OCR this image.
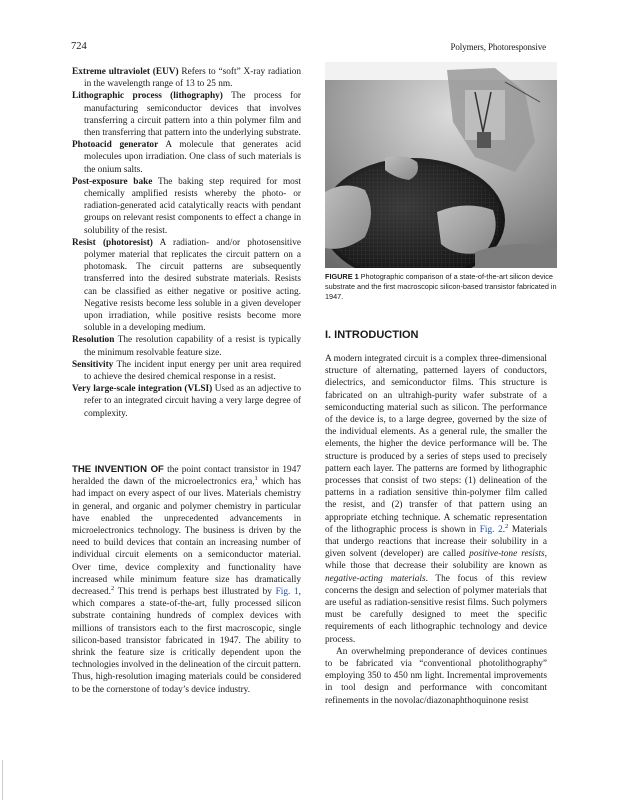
724	Polymers, Photoresponsive

Extreme ultraviolet (EUV) Refers to “soft” X-ray radiation in the wavelength range of 13 to 25 nm.

Lithographic process (lithography) The process for manufacturing semiconductor devices that involves transferring a circuit pattern into a thin polymer film and then transferring that pattern into the underlying substrate.

Photoacid generator A molecule that generates acid molecules upon irradiation. One class of such materials is the onium salts.

Post-exposure bake The baking step required for most chemically amplified resists whereby the photo- or radiation-generated acid catalytically reacts with pendant groups on relevant resist components to effect a change in solubility of the resist.

Resist (photoresist) A radiation- and/or photosensitive polymer material that replicates the circuit pattern on a photomask. The circuit patterns are subsequently transferred into the desired substrate materials. Resists can be classified as either negative or positive acting. Negative resists become less soluble in a given developer upon irradiation, while positive resists become more soluble in a developing medium.

Resolution The resolution capability of a resist is typically the minimum resolvable feature size.

Sensitivity The incident input energy per unit area required to achieve the desired chemical response in a resist.

Very large-scale integration (VLSI) Used as an adjective to refer to an integrated circuit having a very large degree of complexity.

THE INVENTION OF the point contact transistor in 1947 heralded the dawn of the microelectronics era,$^1$ which has had impact on every aspect of our lives. Materials chemistry in general, and organic and polymer chemistry in particular have enabled the unprecedented advancements in microelectronics technology. The business is driven by the need to build devices that contain an increasing number of individual circuit elements on a semiconductor material. Over time, device complexity and functionality have increased while minimum feature size has dramatically decreased.$^2$ This trend is perhaps best illustrated by Fig. 1, which compares a state-of-the-art, fully processed silicon substrate containing hundreds of complex devices with millions of transistors each to the first macroscopic, single silicon-based transistor fabricated in 1947. The ability to shrink the feature size is critically dependent upon the technologies involved in the delineation of the circuit pattern. Thus, high-resolution imaging materials could be considered to be the cornerstone of today’s device industry.

FIGURE 1 Photographic comparison of a state-of-the-art silicon device substrate and the first macroscopic silicon-based transistor fabricated in 1947.
I. INTRODUCTION

A modern integrated circuit is a complex three-dimensional structure of alternating, patterned layers of conductors, dielectrics, and semiconductor films. This structure is fabricated on an ultrahigh-purity wafer substrate of a semiconducting material such as silicon. The performance of the device is, to a large degree, governed by the size of the individual elements. As a general rule, the smaller the elements, the higher the device performance will be. The structure is produced by a series of steps used to precisely pattern each layer. The patterns are formed by lithographic processes that consist of two steps: (1) delineation of the patterns in a radiation sensitive thin-polymer film called the resist, and (2) transfer of that pattern using an appropriate etching technique. A schematic representation of the lithographic process is shown in Fig. 2.$^2$ Materials that undergo reactions that increase their solubility in a given solvent (developer) are called positive-tone resists, while those that decrease their solubility are known as negative-acting materials. The focus of this review concerns the design and selection of polymer materials that are useful as radiation-sensitive resist films. Such polymers must be carefully designed to meet the specific requirements of each lithographic technology and device process.

An overwhelming preponderance of devices continues to be fabricated via “conventional photolithography” employing 350 to 450 nm light. Incremental improvements in tool design and performance with concomitant refinements in the novolac/diazonaphthoquinone resist
